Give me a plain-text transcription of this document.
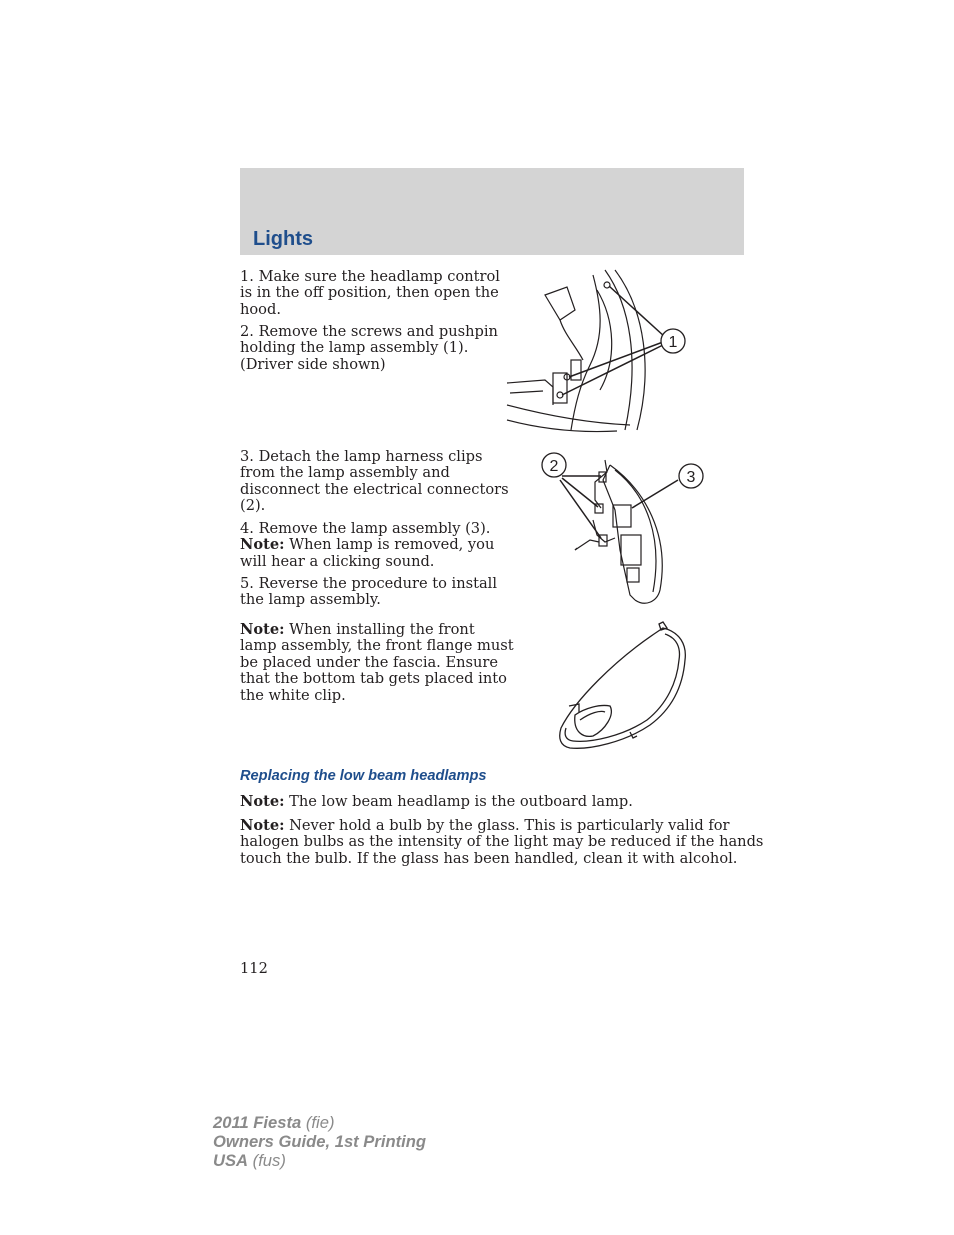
Lights
1. Make sure the headlamp control
is in the off position, then open the
hood.
2. Remove the screws and pushpin
holding the lamp assembly (1).
(Driver side shown)
3. Detach the lamp harness clips
from the lamp assembly and
disconnect the electrical connectors
(2).
4. Remove the lamp assembly (3).
Note: When lamp is removed, you
will hear a clicking sound.
5. Reverse the procedure to install
the lamp assembly.
Note: When installing the front
lamp assembly, the front flange must
be placed under the fascia. Ensure
that the bottom tab gets placed into
the white clip.
1
2
3
Replacing the low beam headlamps
Note: The low beam headlamp is the outboard lamp.
Note: Never hold a bulb by the glass. This is particularly valid for
halogen bulbs as the intensity of the light may be reduced if the hands
touch the bulb. If the glass has been handled, clean it with alcohol.
112
2011 Fiesta (fie)
Owners Guide, 1st Printing
USA (fus)
